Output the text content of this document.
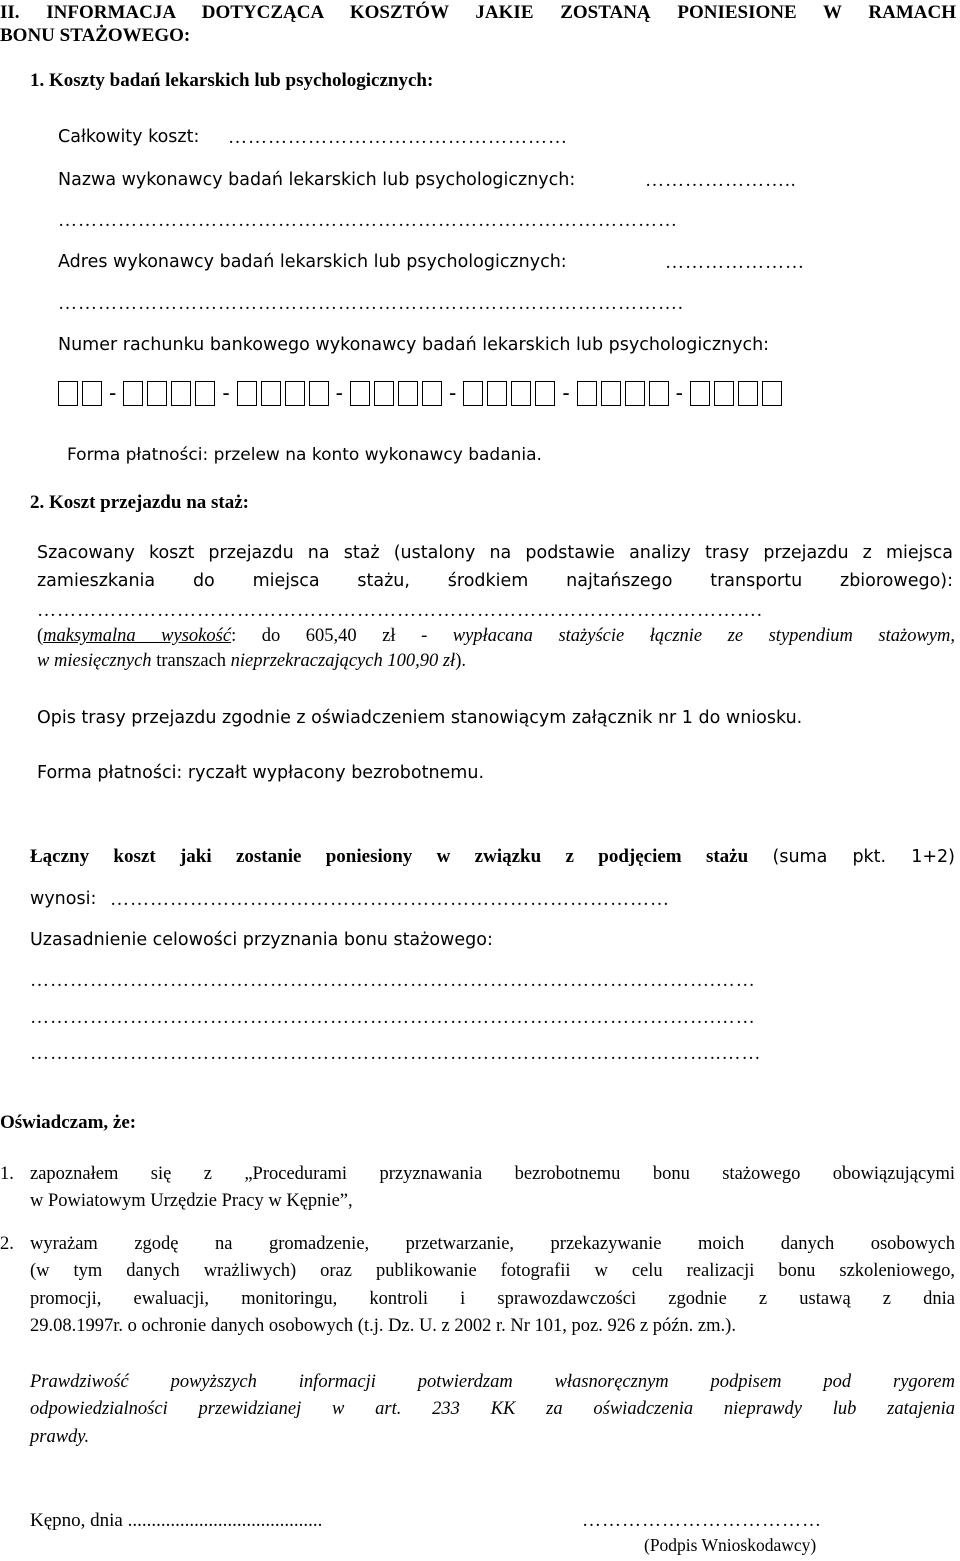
II. INFORMACJA DOTYCZĄCA KOSZTÓW JAKIE ZOSTANĄ PONIESIONE W RAMACH
BONU STAŻOWEGO:
1. Koszty badań lekarskich lub psychologicznych:
Całkowity koszt: ……………………………………………
Nazwa wykonawcy badań lekarskich lub psychologicznych:	…………………..
…………………………………………………………………………………
Adres wykonawcy badań lekarskich lub psychologicznych:	…………………
………………………………………………………………………………….
Numer rachunku bankowego wykonawcy badań lekarskich lub psychologicznych:
-	-	-	-	-	-
Forma płatności: przelew na konto wykonawcy badania.
2. Koszt przejazdu na staż:
Szacowany koszt przejazdu na staż (ustalony na podstawie analizy trasy przejazdu z miejsca
zamieszkania do miejsca stażu, środkiem najtańszego transportu zbiorowego):
……………………………………………………………………………………………….
(maksymalna wysokość: do 605,40 zł - wypłacana stażyście łącznie ze stypendium stażowym,
w miesięcznych transzach nieprzekraczających 100,90 zł).
Opis trasy przejazdu zgodnie z oświadczeniem stanowiącym załącznik nr 1 do wniosku.
Forma płatności: ryczałt wypłacony bezrobotnemu.
Łączny koszt jaki zostanie poniesiony w związku z podjęciem stażu (suma pkt. 1+2)
wynosi: …………………………………………………………………………
Uzasadnienie celowości przyznania bonu stażowego:
………………………………………………………………………………………….……
………………………………………………………………………………………….……
…………………………………………………………………………………………..……
Oświadczam, że:
1. zapoznałem się z „Procedurami przyznawania bezrobotnemu bonu stażowego obowiązującymi
w Powiatowym Urzędzie Pracy w Kępnie”,
2. wyrażam zgodę na gromadzenie, przetwarzanie, przekazywanie moich danych osobowych
(w tym danych wrażliwych) oraz publikowanie fotografii w celu realizacji bonu szkoleniowego,
promocji, ewaluacji, monitoringu, kontroli i sprawozdawczości zgodnie z ustawą z dnia
29.08.1997r. o ochronie danych osobowych (t.j. Dz. U. z 2002 r. Nr 101, poz. 926 z późn. zm.).
Prawdziwość powyższych informacji potwierdzam własnoręcznym podpisem pod rygorem
odpowiedzialności przewidzianej w art. 233 KK za oświadczenia nieprawdy lub zatajenia
prawdy.
Kępno, dnia .........................................	………………………………
(Podpis Wnioskodawcy)
